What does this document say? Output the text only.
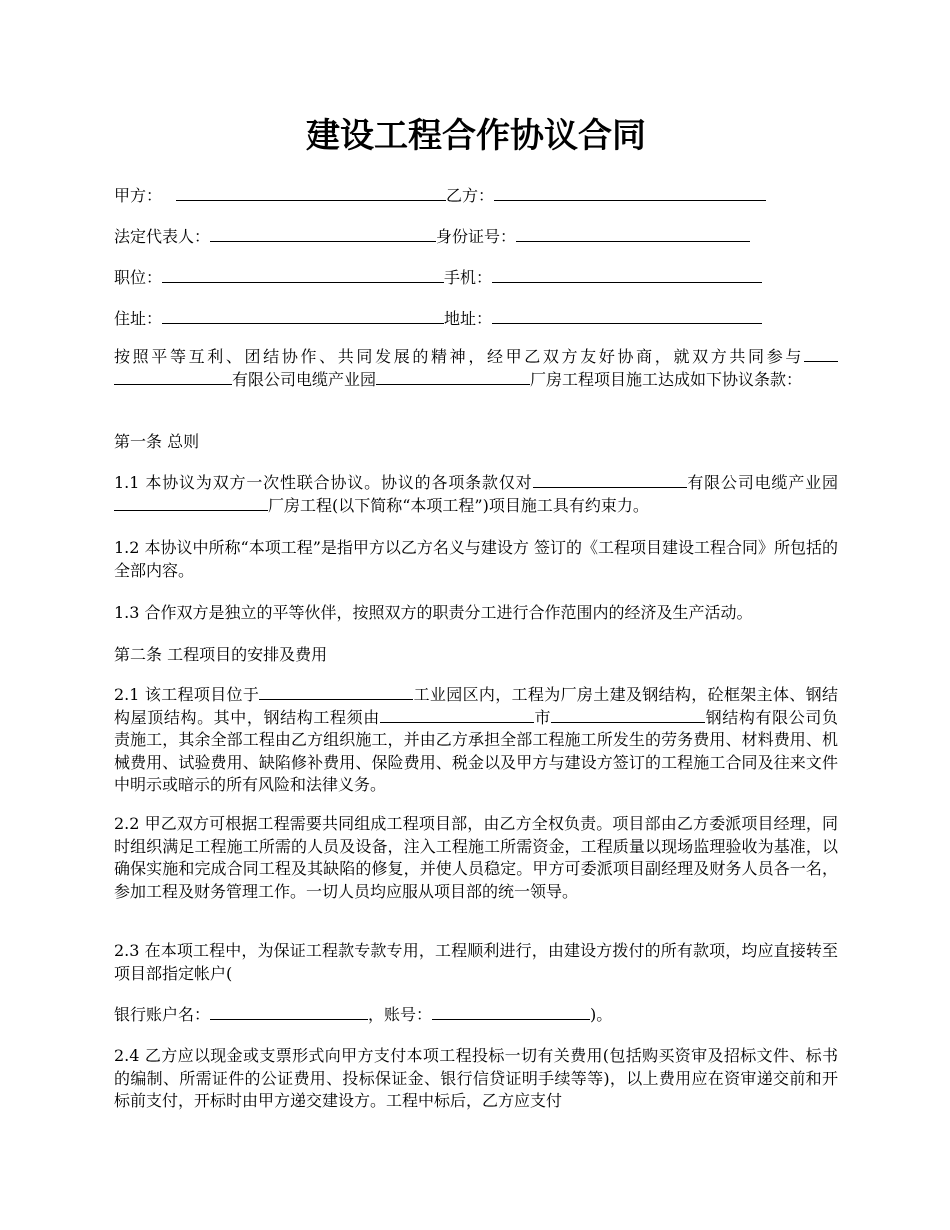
建设工程合作协议合同
甲方：	乙方：
法定代表人：	身份证号：
职位：	手机：
住址：	地址：

按照平等互利、团结协作、共同发展的精神，经甲乙双方友好协商，就双方共同参与有限公司电缆产业园	厂房工程项目施工达成如下协议条款：

第一条 总则

1.1 本协议为双方一次性联合协议。协议的各项条款仅对	有限公司电缆产业园厂房工程(以下简称“本项工程”)项目施工具有约束力。

1.2 本协议中所称“本项工程”是指甲方以乙方名义与建设方 签订的《工程项目建设工程合同》所包括的全部内容。

1.3 合作双方是独立的平等伙伴，按照双方的职责分工进行合作范围内的经济及生产活动。

第二条 工程项目的安排及费用

2.1 该工程项目位于	工业园区内，工程为厂房土建及钢结构，砼框架主体、钢结构屋顶结构。其中，钢结构工程须由	市	钢结构有限公司负责施工，其余全部工程由乙方组织施工，并由乙方承担全部工程施工所发生的劳务费用、材料费用、机械费用、试验费用、缺陷修补费用、保险费用、税金以及甲方与建设方签订的工程施工合同及往来文件中明示或暗示的所有风险和法律义务。

2.2 甲乙双方可根据工程需要共同组成工程项目部，由乙方全权负责。项目部由乙方委派项目经理，同时组织满足工程施工所需的人员及设备，注入工程施工所需资金，工程质量以现场监理验收为基准，以确保实施和完成合同工程及其缺陷的修复，并使人员稳定。甲方可委派项目副经理及财务人员各一名，参加工程及财务管理工作。一切人员均应服从项目部的统一领导。

2.3 在本项工程中，为保证工程款专款专用，工程顺利进行，由建设方拨付的所有款项，均应直接转至项目部指定帐户(

银行账户名：	，账号：	)。

2.4 乙方应以现金或支票形式向甲方支付本项工程投标一切有关费用(包括购买资审及招标文件、标书的编制、所需证件的公证费用、投标保证金、银行信贷证明手续等等)，以上费用应在资审递交前和开标前支付，开标时由甲方递交建设方。工程中标后，乙方应支付
